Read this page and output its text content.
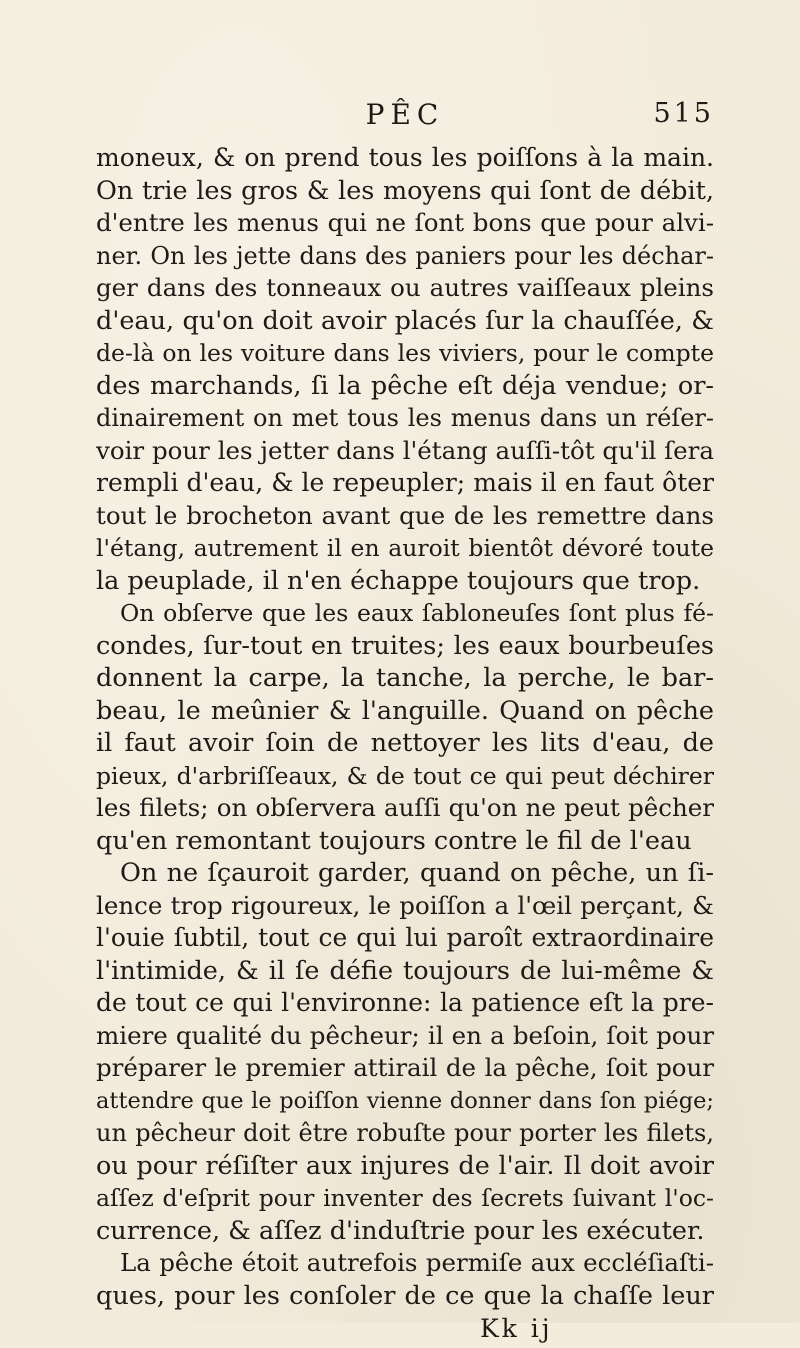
PÊC	515
moneux, & on prend tous les poiſſons à la main.
On trie les gros & les moyens qui ſont de débit,
d'entre les menus qui ne ſont bons que pour alvi-
ner. On les jette dans des paniers pour les déchar-
ger dans des tonneaux ou autres vaiſſeaux pleins
d'eau, qu'on doit avoir placés ſur la chauſſée, &
de-là on les voiture dans les viviers, pour le compte
des marchands, ſi la pêche eſt déja vendue; or-
dinairement on met tous les menus dans un réſer-
voir pour les jetter dans l'étang auſſi-tôt qu'il ſera
rempli d'eau, & le repeupler; mais il en faut ôter
tout le brocheton avant que de les remettre dans
l'étang, autrement il en auroit bientôt dévoré toute
la peuplade, il n'en échappe toujours que trop.
On obſerve que les eaux ſabloneuſes ſont plus fé-
condes, ſur-tout en truites; les eaux bourbeuſes
donnent la carpe, la tanche, la perche, le bar-
beau, le meûnier & l'anguille. Quand on pêche
il faut avoir ſoin de nettoyer les lits d'eau, de
pieux, d'arbriſſeaux, & de tout ce qui peut déchirer
les filets; on obſervera auſſi qu'on ne peut pêcher
qu'en remontant toujours contre le fil de l'eau
On ne ſçauroit garder, quand on pêche, un ſi-
lence trop rigoureux, le poiſſon a l'œil perçant, &
l'ouie ſubtil, tout ce qui lui paroît extraordinaire
l'intimide, & il ſe défie toujours de lui-même &
de tout ce qui l'environne: la patience eſt la pre-
miere qualité du pêcheur; il en a beſoin, ſoit pour
préparer le premier attirail de la pêche, ſoit pour
attendre que le poiſſon vienne donner dans ſon piége;
un pêcheur doit être robuſte pour porter les filets,
ou pour réſiſter aux injures de l'air. Il doit avoir
aſſez d'eſprit pour inventer des ſecrets ſuivant l'oc-
currence, & aſſez d'induſtrie pour les exécuter.
La pêche étoit autrefois permiſe aux eccléſiaſti-
ques, pour les conſoler de ce que la chaſſe leur
Kk ij
